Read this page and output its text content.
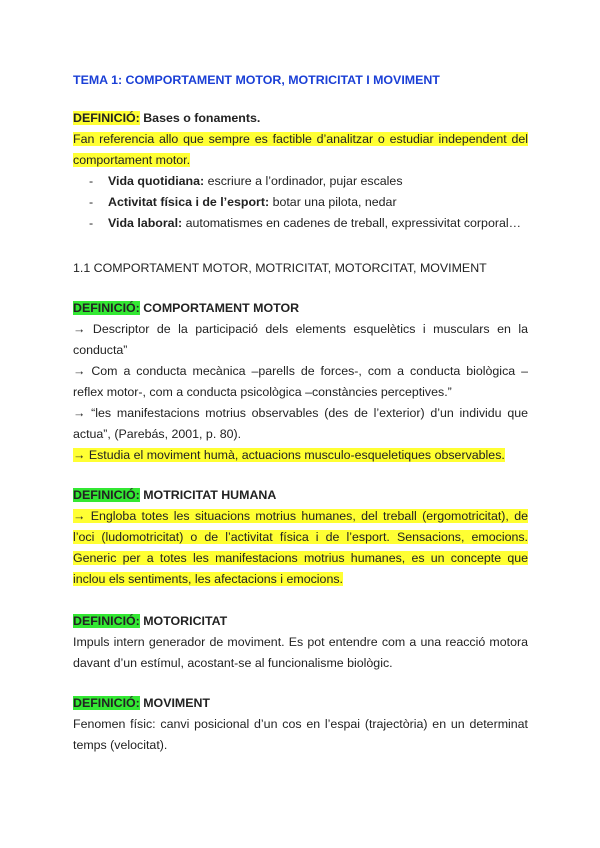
TEMA 1: COMPORTAMENT MOTOR, MOTRICITAT I MOVIMENT
DEFINICIÓ: Bases o fonaments.
Fan referencia allo que sempre es factible d’analitzar o estudiar independent del comportament motor.
- Vida quotidiana: escriure a l’ordinador, pujar escales
- Activitat física i de l’esport: botar una pilota, nedar
- Vida laboral: automatismes en cadenes de treball, expressivitat corporal…
1.1 COMPORTAMENT MOTOR, MOTRICITAT, MOTORCITAT, MOVIMENT
DEFINICIÓ: COMPORTAMENT MOTOR
→ Descriptor de la participació dels elements esquelètics i musculars en la conducta”
→ Com a conducta mecànica –parells de forces-, com a conducta biològica –reflex motor-, com a conducta psicològica –constàncies perceptives.”
→ “les manifestacions motrius observables (des de l’exterior) d’un individu que actua”, (Parebás, 2001, p. 80).
→ Estudia el moviment humà, actuacions musculo-esqueletiques observables.
DEFINICIÓ: MOTRICITAT HUMANA
→ Engloba totes les situacions motrius humanes, del treball (ergomotricitat), de l’oci (ludomotricitat) o de l’activitat física i de l’esport. Sensacions, emocions. Generic per a totes les manifestacions motrius humanes, es un concepte que inclou els sentiments, les afectacions i emocions.
DEFINICIÓ: MOTORICITAT
Impuls intern generador de moviment. Es pot entendre com a una reacció motora davant d’un estímul, acostant-se al funcionalisme biològic.
DEFINICIÓ: MOVIMENT
Fenomen físic: canvi posicional d’un cos en l’espai (trajectòria) en un determinat temps (velocitat).
